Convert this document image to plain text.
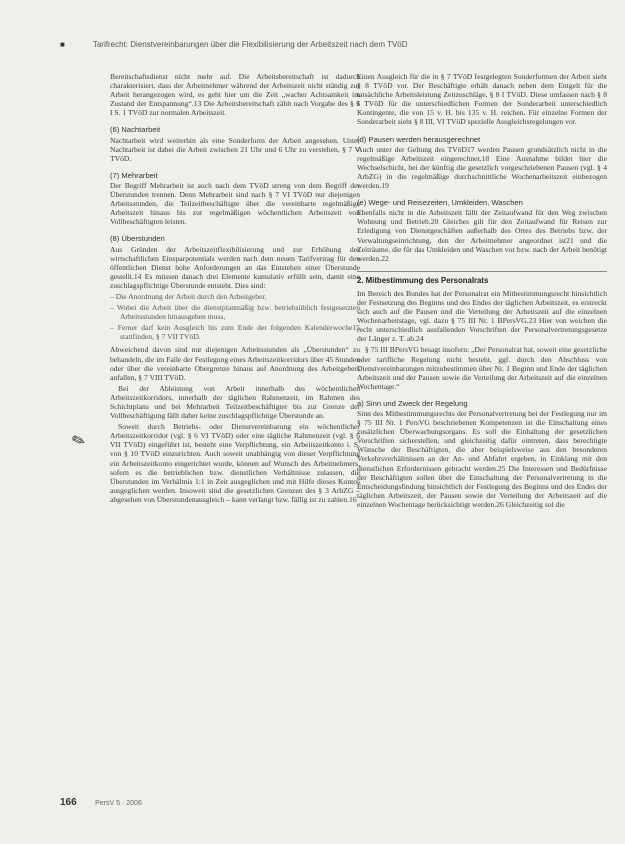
■	Tarifrecht: Dienstvereinbarungen über die Flexibilisierung der Arbeitszeit nach dem TVöD

Bereitschaftsdienst nicht mehr auf. Die Arbeitsbereitschaft ist dadurch charakterisiert, dass der Arbeitnehmer während der Arbeitszeit nicht ständig zur Arbeit herangezogen wird, es geht hier um die Zeit „wacher Achtsamkeit im Zustand der Entspannung“.13 Die Arbeitsbereitschaft zählt nach Vorgabe des § 6 I S. 1 TVöD zur normalen Arbeitszeit.

(6) Nachtarbeit

Nachtarbeit wird weiterhin als eine Sonderform der Arbeit angesehen. Unter Nachtarbeit ist dabei die Arbeit zwischen 21 Uhr und 6 Uhr zu verstehen, § 7 V TVöD.

(7) Mehrarbeit

Der Begriff Mehrarbeit ist auch nach dem TVöD streng von dem Begriff der Überstunden trennen. Denn Mehrarbeit sind nach § 7 VI TVöD nur diejenigen Arbeitsstunden, die Teilzeitbeschäftigte über die vereinbarte regelmäßige Arbeitszeit hinaus bis zur regelmäßigen wöchentlichen Arbeitszeit von Vollbeschäftigten leisten.

(8) Überstunden

Aus Gründen der Arbeitszeitflexibilisierung und zur Erhöhung des wirtschaftlichen Einsparpotentials werden nach dem neuen Tarifvertrag für den öffentlichen Dienst hohe Anforderungen an das Entstehen einer Überstunde gestellt.14 Es müssen danach drei Elemente kumulativ erfüllt sein, damit eine zuschlagspflichtige Überstunde entsteht. Dies sind:

– Die Anordnung der Arbeit durch den Arbeitgeber,
– Wobei die Arbeit über die dienstplanmäßig bzw. betriebsüblich festgesetzten Arbeitsstunden hinausgehen muss,
– Ferner darf kein Ausgleich bis zum Ende der folgenden Kalenderwoche15 stattfinden, § 7 VII TVöD.

Abweichend davon sind nur diejenigen Arbeitsstunden als „Überstunden“ zu behandeln, die im Falle der Festlegung eines Arbeitszeitkorridors über 45 Stunden oder über die vereinbarte Obergrenze hinaus auf Anordnung des Arbeitgebers anfallen, § 7 VIII TVöD.

Bei der Ableistung von Arbeit innerhalb des wöchentlichen Arbeitszeitkorridors, innerhalb der täglichen Rahmenzeit, im Rahmen des Schichtplans und bei Mehrarbeit Teilzeitbeschäftigter bis zur Grenze der Vollbeschäftigung fällt daher keine zuschlagspflichtige Überstunde an.

Soweit durch Betriebs- oder Dienstvereinbarung ein wöchentlicher Arbeitszeitkorridor (vgl. § 6 VI TVöD) oder eine tägliche Rahmenzeit (vgl. § 6 VII TVöD) eingeführt ist, besteht eine Verpflichtung, ein Arbeitszeitkonto i. S. von § 10 TVöD einzurichten. Auch soweit unabhängig von dieser Verpflichtung ein Arbeitszeitkonto eingerichtet wurde, können auf Wunsch des Arbeitnehmers, sofern es die betrieblichen bzw. dienstlichen Verhältnisse zulassen, die Überstunden im Verhältnis 1:1 in Zeit ausgeglichen und mit Hilfe dieses Kontos ausgeglichen werden. Insoweit sind die gesetzlichen Grenzen des § 3 ArbZG – abgesehen von Überstundenausgleich – kann verlangt bzw. fällig ist zu zahlen.16

Einen Ausgleich für die in § 7 TVöD festgelegten Sonderformen der Arbeit sieht § 8 TVöD vor. Der Beschäftigte erhält danach neben dem Entgelt für die tatsächliche Arbeitsleistung Zeitzuschläge, § 8 I TVöD. Diese umfassen nach § 8 I TVöD für die unterschiedlichen Formen der Sonderarbeit unterschiedlich Kontingente, die von 15 v. H. bis 135 v. H. reichen. Für einzelne Formen der Sonderarbeit sieht § 8 III, VI TVöD spezielle Ausgleichsregelungen vor.

(d) Pausen werden herausgerechnet

Auch unter der Geltung des TVöD17 werden Pausen grundsätzlich nicht in die regelmäßige Arbeitszeit eingerechnet.18 Eine Ausnahme bildet hier die Wechselschicht, bei der künftig die gesetzlich vorgeschriebenen Pausen (vgl. § 4 ArbZG) in die regelmäßige durchschnittliche Wochenarbeitszeit einbezogen werden.19

(e) Wege- und Reisezeiten, Umkleiden, Waschen

Ebenfalls nicht in die Arbeitszeit fällt der Zeitaufwand für den Weg zwischen Wohnung und Betrieb.20 Gleiches gilt für den Zeitaufwand für Reisen zur Erledigung von Dienstgeschäften außerhalb des Ortes des Betriebs bzw. der Verwaltungseinrichtung, den der Arbeitnehmer angeordnet ist21 und die Zeiträume, die für das Umkleiden und Waschen vor bzw. nach der Arbeit benötigt werden.22

2. Mitbestimmung des Personalrats

Im Bereich des Bundes hat der Personalrat ein Mitbestimmungsrecht hinsichtlich der Festsetzung des Beginns und des Endes der täglichen Arbeitszeit, es erstreckt sich auch auf die Pausen und die Verteilung der Arbeitszeit auf die einzelnen Wochenarbeitstage, vgl. dazu § 75 III Nr. 1 BPersVG.23 Hier von weichen die recht unterschiedlich ausfallenden Vorschriften der Personalvertretungsgesetze der Länger z. T. ab.24

§ 75 III BPersVG besagt insofern: „Der Personalrat hat, soweit eine gesetzliche oder tarifliche Regelung nicht besteht, ggf. durch den Abschluss von Dienstvereinbarungen mitzubestimmen über Nr. 1 Beginn und Ende der täglichen Arbeitszeit und der Pausen sowie die Verteilung der Arbeitszeit auf die einzelnen Wochentage.“

a) Sinn und Zweck der Regelung

Sinn des Mitbestimmungsrechts der Personalvertretung bei der Festlegung nur im § 75 III Nr. 1 PersVG beschriebenen Kompetenzen ist die Einschaltung eines zusätzlichen Überwachungsorgans. Es soll die Einhaltung der gesetzlichen Vorschriften sicherstellen, und gleichzeitig dafür eintreten, dass berechtigte Wünsche der Beschäftigten, die aber beispielsweise aus den besonderen Verkehrsverhältnissen an der An- und Abfahrt ergeben, in Einklang mit den dienstlichen Erfordernissen gebracht werden.25 Die Interessen und Bedürfnisse der Beschäftigten sollen über die Einschaltung der Personalvertretung in die Entscheidungsfindung hinsichtlich der Festlegung des Beginns und des Endes der täglichen Arbeitszeit, der Pausen sowie der Verteilung der Arbeitszeit auf die einzelnen Wochentage berücksichtigt werden.26 Gleichzeitig sol die

✎
166	PersV 5 · 2006
